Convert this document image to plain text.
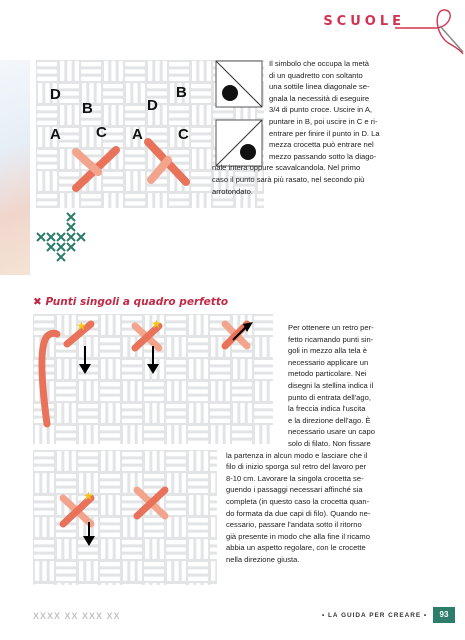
SCUOLE
D
B
A C
D
B
A C
Il simbolo che occupa la metà
di un quadretto con soltanto
una sottile linea diagonale se-
gnala la necessità di eseguire
3/4 di punto croce. Uscire in A,
puntare in B, poi uscire in C e ri-
entrare per finire il punto in D. La
mezza crocetta può entrare nel
mezzo passando sotto la diago-
nale intera oppure scavalcandola. Nel primo
caso il punto sarà più rasato, nel secondo più
arrotondato.
✖ Punti singoli a quadro perfetto
★	★
★
Per ottenere un retro per-
fetto ricamando punti sin-
goli in mezzo alla tela è
necessario applicare un
metodo particolare. Nei
disegni la stellina indica il
punto di entrata dell'ago,
la freccia indica l'uscita
e la direzione dell'ago. È
necessario usare un capo
solo di filato. Non fissare
la partenza in alcun modo e lasciare che il
filo di inizio sporga sul retro del lavoro per
8-10 cm. Lavorare la singola crocetta se-
guendo i passaggi necessari affinché sia
completa (in questo caso la crocetta quan-
do formata da due capi di filo). Quando ne-
cessario, passare l'andata sotto il ritorno
già presente in modo che alla fine il ricamo
abbia un aspetto regolare, con le crocette
nella direzione giusta.
XXXX XX XXX XX	• LA GUIDA PER CREARE •	93
